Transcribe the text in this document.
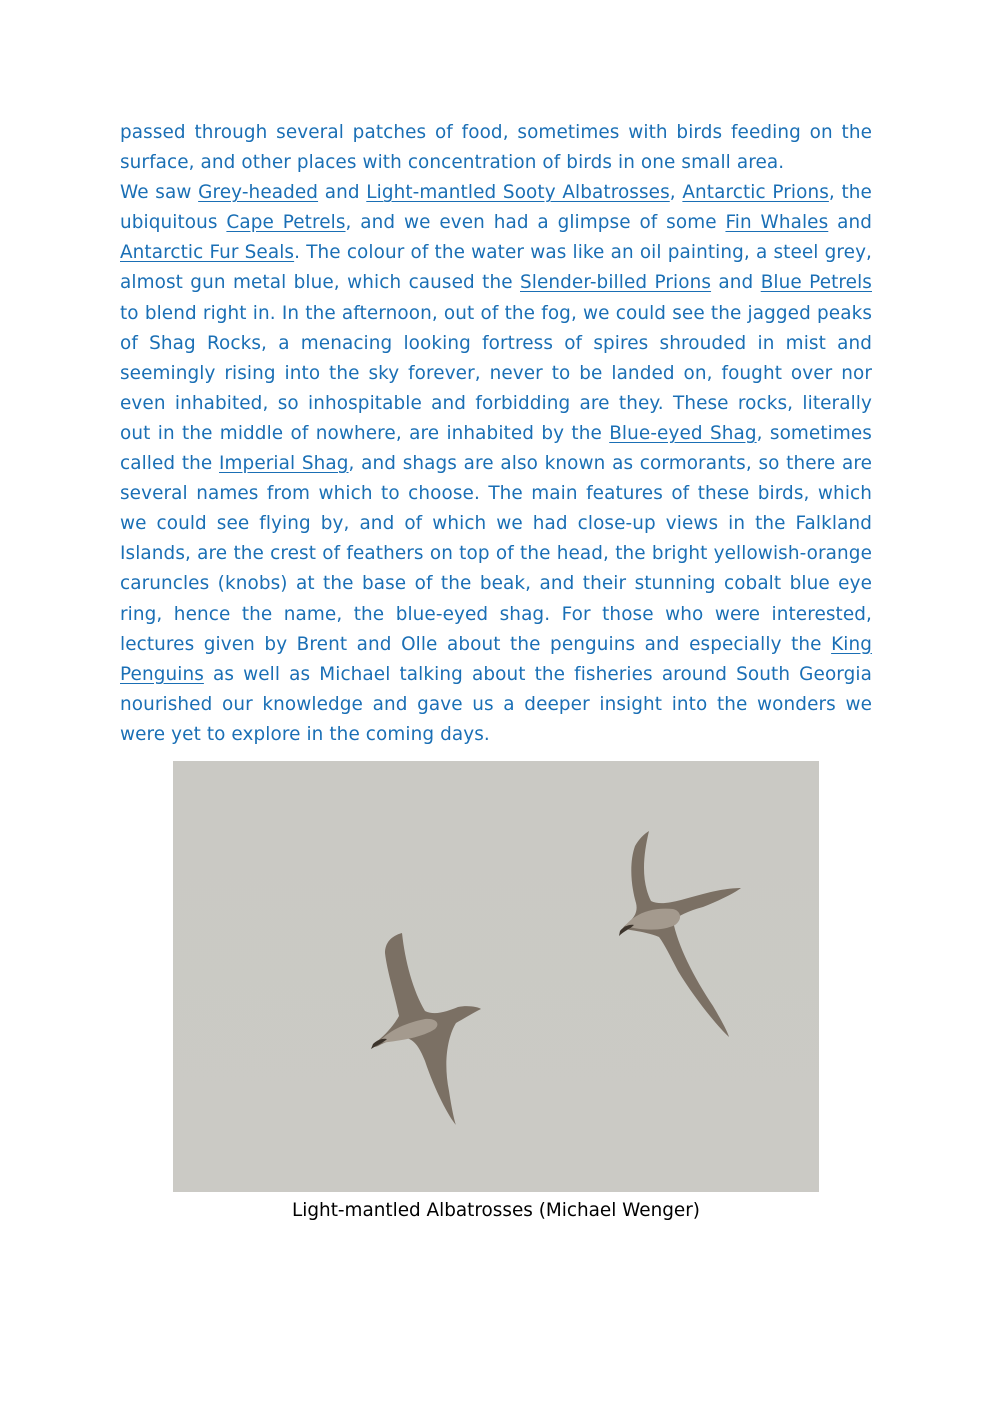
passed through several patches of food, sometimes with birds feeding on the surface, and other places with concentration of birds in one small area.

We saw Grey-headed and Light-mantled Sooty Albatrosses, Antarctic Prions, the ubiquitous Cape Petrels, and we even had a glimpse of some Fin Whales and Antarctic Fur Seals. The colour of the water was like an oil painting, a steel grey, almost gun metal blue, which caused the Slender-billed Prions and Blue Petrels to blend right in. In the afternoon, out of the fog, we could see the jagged peaks of Shag Rocks, a menacing looking fortress of spires shrouded in mist and seemingly rising into the sky forever, never to be landed on, fought over nor even inhabited, so inhospitable and forbidding are they. These rocks, literally out in the middle of nowhere, are inhabited by the Blue-eyed Shag, sometimes called the Imperial Shag, and shags are also known as cormorants, so there are several names from which to choose. The main features of these birds, which we could see flying by, and of which we had close-up views in the Falkland Islands, are the crest of feathers on top of the head, the bright yellowish-orange caruncles (knobs) at the base of the beak, and their stunning cobalt blue eye ring, hence the name, the blue-eyed shag. For those who were interested, lectures given by Brent and Olle about the penguins and especially the King Penguins as well as Michael talking about the fisheries around South Georgia nourished our knowledge and gave us a deeper insight into the wonders we were yet to explore in the coming days.

Light-mantled Albatrosses (Michael Wenger)
